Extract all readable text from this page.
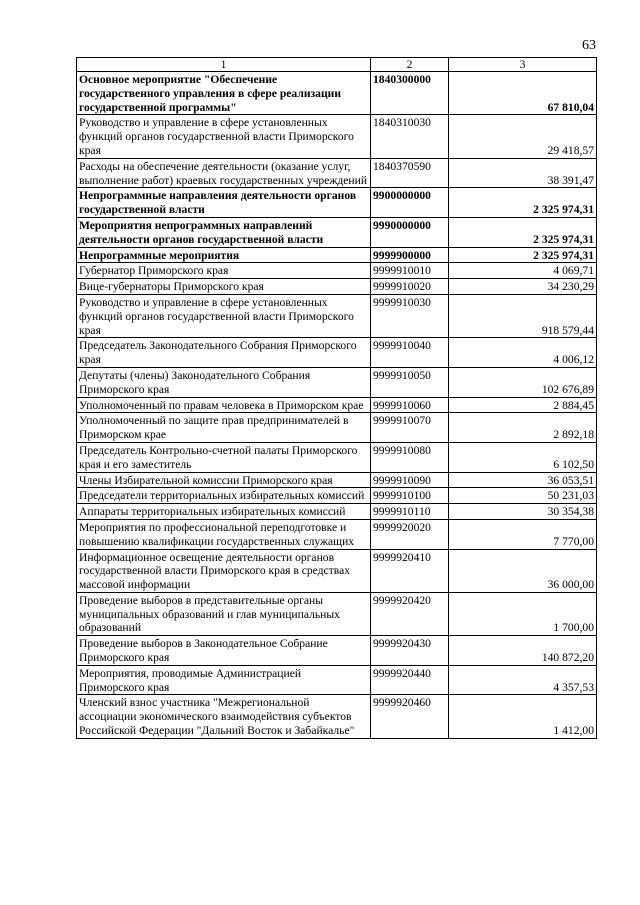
63
1	2	3
Основное мероприятие "Обеспечение государственного управления в сфере реализации государственной программы"	1840300000	67 810,04
Руководство и управление в сфере установленных функций органов государственной власти Приморского края	1840310030	29 418,57
Расходы на обеспечение деятельности (оказание услуг, выполнение работ) краевых государственных учреждений	1840370590	38 391,47
Непрограммные направления деятельности органов государственной власти	9900000000	2 325 974,31
Мероприятия непрограммных направлений деятельности органов государственной власти	9990000000	2 325 974,31
Непрограммные мероприятия	9999900000	2 325 974,31
Губернатор Приморского края	9999910010	4 069,71
Вице-губернаторы Приморского края	9999910020	34 230,29
Руководство и управление в сфере установленных функций органов государственной власти Приморского края	9999910030	918 579,44
Председатель Законодательного Собрания Приморского края	9999910040	4 006,12
Депутаты (члены) Законодательного Собрания Приморского края	9999910050	102 676,89
Уполномоченный по правам человека в Приморском крае	9999910060	2 884,45
Уполномоченный по защите прав предпринимателей в Приморском крае	9999910070	2 892,18
Председатель Контрольно-счетной палаты Приморского края и его заместитель	9999910080	6 102,50
Члены Избирательной комиссии Приморского края	9999910090	36 053,51
Председатели территориальных избирательных комиссий	9999910100	50 231,03
Аппараты территориальных избирательных комиссий	9999910110	30 354,38
Мероприятия по профессиональной переподготовке и повышению квалификации государственных служащих	9999920020	7 770,00
Информационное освещение деятельности органов государственной власти Приморского края в средствах массовой информации	9999920410	36 000,00
Проведение выборов в представительные органы муниципальных образований и глав муниципальных образований	9999920420	1 700,00
Проведение выборов в Законодательное Собрание Приморского края	9999920430	140 872,20
Мероприятия, проводимые Администрацией Приморского края	9999920440	4 357,53
Членский взнос участника "Межрегиональной ассоциации экономического взаимодействия субъектов Российской Федерации "Дальний Восток и Забайкалье"	9999920460	1 412,00
